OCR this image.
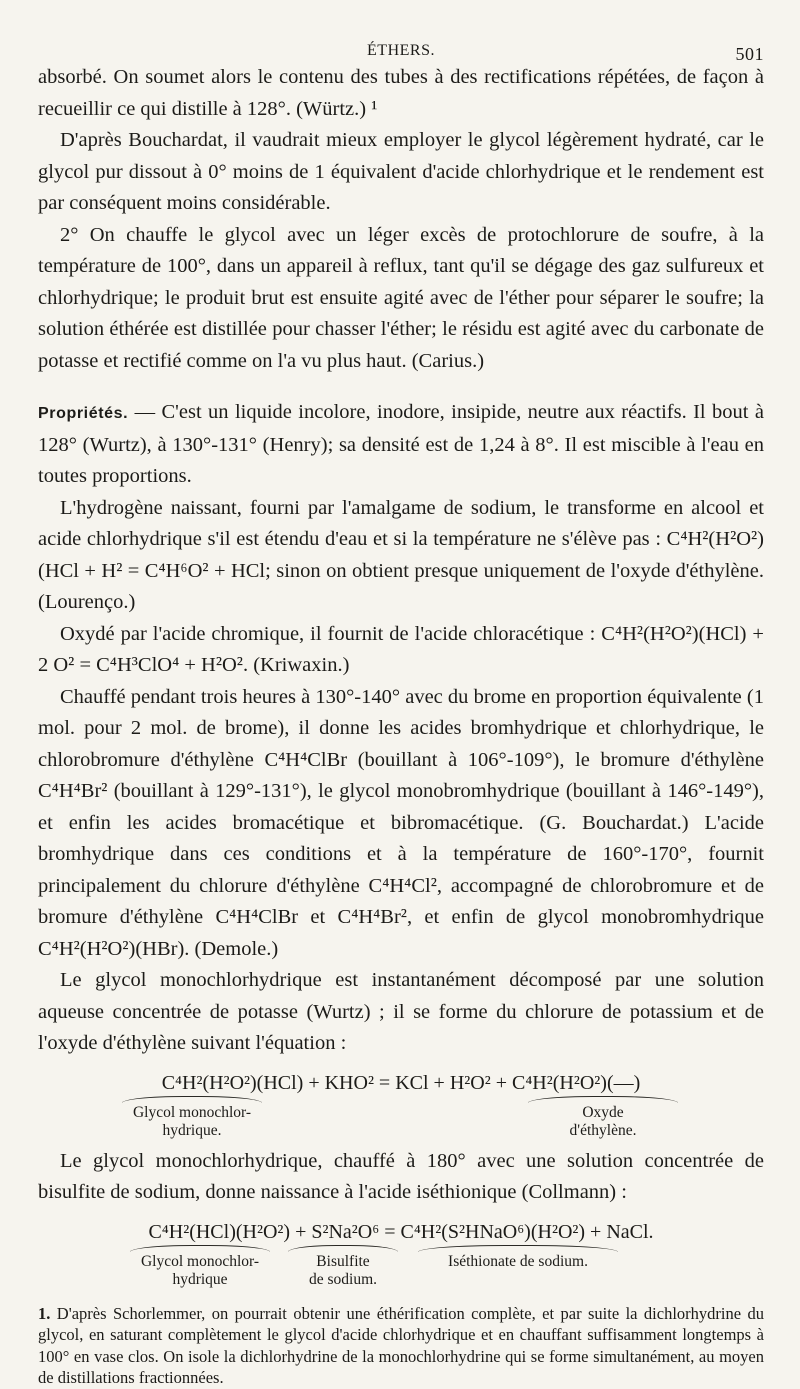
ÉTHERS.	501

absorbé. On soumet alors le contenu des tubes à des rectifications répétées, de façon à recueillir ce qui distille à 128°. (Würtz.) ¹

D'après Bouchardat, il vaudrait mieux employer le glycol légèrement hydraté, car le glycol pur dissout à 0° moins de 1 équivalent d'acide chlorhydrique et le rendement est par conséquent moins considérable.

2° On chauffe le glycol avec un léger excès de protochlorure de soufre, à la température de 100°, dans un appareil à reflux, tant qu'il se dégage des gaz sulfureux et chlorhydrique; le produit brut est ensuite agité avec de l'éther pour séparer le soufre; la solution éthérée est distillée pour chasser l'éther; le résidu est agité avec du carbonate de potasse et rectifié comme on l'a vu plus haut. (Carius.)

Propriétés. — C'est un liquide incolore, inodore, insipide, neutre aux réactifs. Il bout à 128° (Wurtz), à 130°-131° (Henry); sa densité est de 1,24 à 8°. Il est miscible à l'eau en toutes proportions.

L'hydrogène naissant, fourni par l'amalgame de sodium, le transforme en alcool et acide chlorhydrique s'il est étendu d'eau et si la température ne s'élève pas : C⁴H²(H²O²)(HCl + H² = C⁴H⁶O² + HCl; sinon on obtient presque uniquement de l'oxyde d'éthylène. (Lourenço.)

Oxydé par l'acide chromique, il fournit de l'acide chloracétique : C⁴H²(H²O²)(HCl) + 2 O² = C⁴H³ClO⁴ + H²O². (Kriwaxin.)

Chauffé pendant trois heures à 130°-140° avec du brome en proportion équivalente (1 mol. pour 2 mol. de brome), il donne les acides bromhydrique et chlorhydrique, le chlorobromure d'éthylène C⁴H⁴ClBr (bouillant à 106°-109°), le bromure d'éthylène C⁴H⁴Br² (bouillant à 129°-131°), le glycol monobromhydrique (bouillant à 146°-149°), et enfin les acides bromacétique et bibromacétique. (G. Bouchardat.) L'acide bromhydrique dans ces conditions et à la température de 160°-170°, fournit principalement du chlorure d'éthylène C⁴H⁴Cl², accompagné de chlorobromure et de bromure d'éthylène C⁴H⁴ClBr et C⁴H⁴Br², et enfin de glycol monobromhydrique C⁴H²(H²O²)(HBr). (Demole.)

Le glycol monochlorhydrique est instantanément décomposé par une solution aqueuse concentrée de potasse (Wurtz) ; il se forme du chlorure de potassium et de l'oxyde d'éthylène suivant l'équation :

C⁴H²(H²O²)(HCl) + KHO² = KCl + H²O² + C⁴H²(H²O²)(—)
Glycol monochlor-
hydrique.
Oxyde
d'éthylène.

Le glycol monochlorhydrique, chauffé à 180° avec une solution concentrée de bisulfite de sodium, donne naissance à l'acide iséthionique (Collmann) :

C⁴H²(HCl)(H²O²) + S²Na²O⁶ = C⁴H²(S²HNaO⁶)(H²O²) + NaCl.
Glycol monochlor-
hydrique
Bisulfite
de sodium.
Iséthionate de sodium.
1. D'après Schorlemmer, on pourrait obtenir une éthérification complète, et par suite la dichlorhydrine du glycol, en saturant complètement le glycol d'acide chlorhydrique et en chauffant suffisamment longtemps à 100° en vase clos. On isole la dichlorhydrine de la monochlorhydrine qui se forme simultanément, au moyen de distillations fractionnées.
